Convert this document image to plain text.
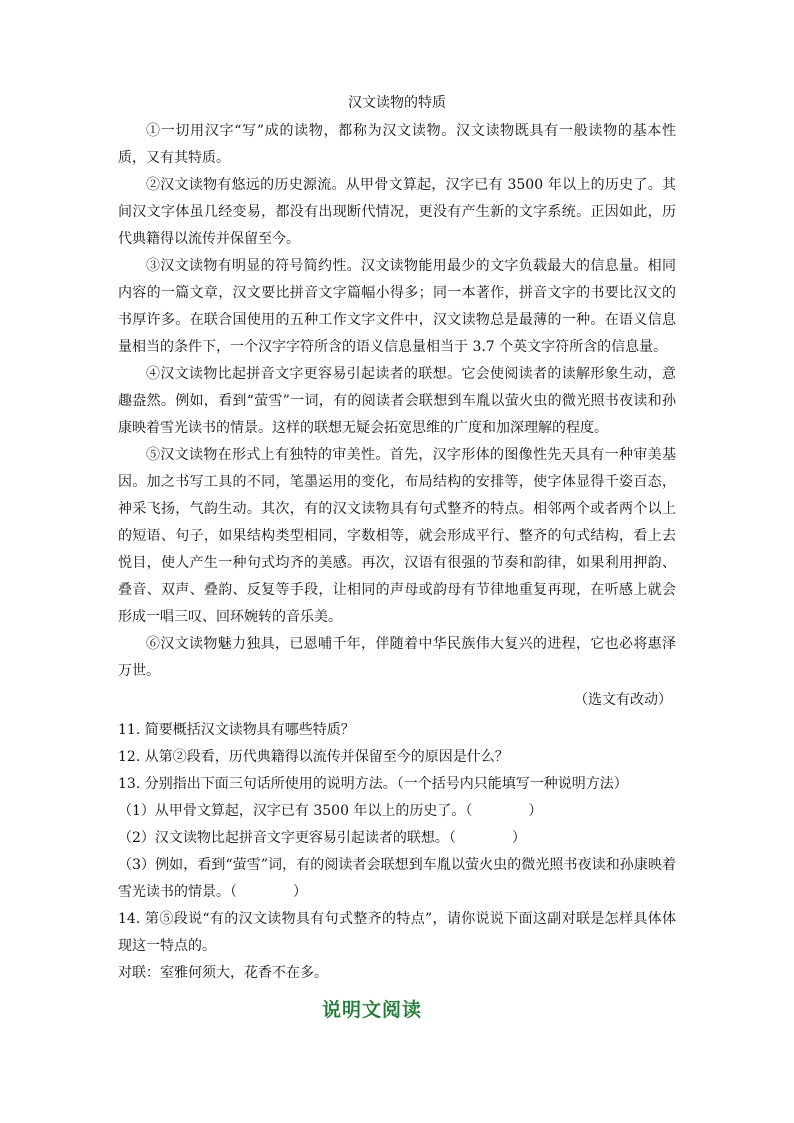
汉文读物的特质

①一切用汉字“写”成的读物，都称为汉文读物。汉文读物既具有一般读物的基本性质，又有其特质。

②汉文读物有悠远的历史源流。从甲骨文算起，汉字已有 3500 年以上的历史了。其间汉文字体虽几经变易，都没有出现断代情况，更没有产生新的文字系统。正因如此，历代典籍得以流传并保留至今。

③汉文读物有明显的符号简约性。汉文读物能用最少的文字负载最大的信息量。相同内容的一篇文章，汉文要比拼音文字篇幅小得多；同一本著作，拼音文字的书要比汉文的书厚许多。在联合国使用的五种工作文字文件中，汉文读物总是最薄的一种。在语义信息量相当的条件下，一个汉字字符所含的语义信息量相当于 3.7 个英文字符所含的信息量。

④汉文读物比起拼音文字更容易引起读者的联想。它会使阅读者的读解形象生动，意趣盎然。例如，看到“萤雪”一词，有的阅读者会联想到车胤以萤火虫的微光照书夜读和孙康映着雪光读书的情景。这样的联想无疑会拓宽思维的广度和加深理解的程度。

⑤汉文读物在形式上有独特的审美性。首先，汉字形体的图像性先天具有一种审美基因。加之书写工具的不同，笔墨运用的变化，布局结构的安排等，使字体显得千姿百态，神采飞扬，气韵生动。其次，有的汉文读物具有句式整齐的特点。相邻两个或者两个以上的短语、句子，如果结构类型相同，字数相等，就会形成平行、整齐的句式结构，看上去悦目，使人产生一种句式均齐的美感。再次，汉语有很强的节奏和韵律，如果利用押韵、叠音、双声、叠韵、反复等手段，让相同的声母或韵母有节律地重复再现，在听感上就会形成一唱三叹、回环婉转的音乐美。

⑥汉文读物魅力独具，已恩哺千年，伴随着中华民族伟大复兴的进程，它也必将惠泽万世。

（选文有改动）

11. 简要概括汉文读物具有哪些特质？

12. 从第②段看，历代典籍得以流传并保留至今的原因是什么？

13. 分别指出下面三句话所使用的说明方法。（一个括号内只能填写一种说明方法）

（1）从甲骨文算起，汉字已有 3500 年以上的历史了。（　　　　）

（2）汉文读物比起拼音文字更容易引起读者的联想。（　　　　）

（3）例如，看到“萤雪”词，有的阅读者会联想到车胤以萤火虫的微光照书夜读和孙康映着雪光读书的情景。（　　　　）

14. 第⑤段说“有的汉文读物具有句式整齐的特点”，请你说说下面这副对联是怎样具体体现这一特点的。

对联：室雅何须大，花香不在多。

说明文阅读
